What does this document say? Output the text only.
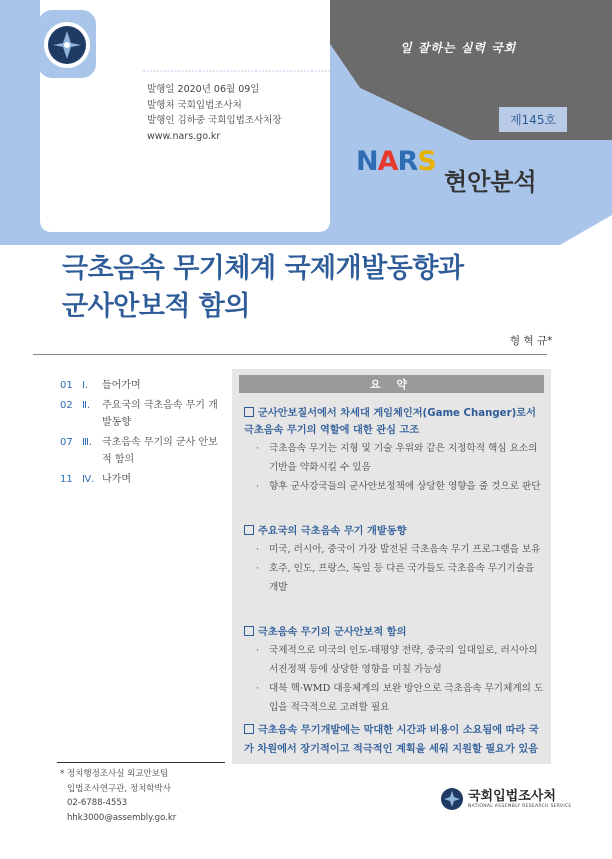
일 잘하는 실력 국회
발행일 2020년 06월 09일
발행처 국회입법조사처
발행인 김하중 국회입법조사처장
www.nars.go.kr
제145호
NARS
현안분석
극초음속 무기체계 국제개발동향과
군사안보적 함의
형 혁 규*
01 Ⅰ.	들어가며
02 Ⅱ.	주요국의 극초음속 무기 개발동향
07 Ⅲ. 극초음속 무기의 군사 안보적 함의
11 Ⅳ. 나가며
요 약
군사안보질서에서 차세대 게임체인저(Game Changer)로서 극초음속 무기의 역할에 대한 관심 고조
·	극초음속 무기는 지형 및 기술 우위와 같은 지정학적 핵심 요소의 기반을 약화시킬 수 있음
·	향후 군사강국들의 군사안보정책에 상당한 영향을 줄 것으로 판단
주요국의 극초음속 무기 개발동향
·	미국, 러시아, 중국이 가장 발전된 극초음속 무기 프로그램을 보유
·	호주, 인도, 프랑스, 독일 등 다른 국가들도 극초음속 무기기술을 개발
극초음속 무기의 군사안보적 함의
·	국제적으로 미국의 인도-태평양 전략, 중국의 일대일로, 러시아의 서진정책 등에 상당한 영향을 미칠 가능성
·	대북 핵·WMD 대응체계의 보완 방안으로 극초음속 무기체계의 도입을 적극적으로 고려할 필요
극초음속 무기개발에는 막대한 시간과 비용이 소요됨에 따라 국가 차원에서 장기적이고 적극적인 계획을 세워 지원할 필요가 있음
* 정치행정조사실 외교안보팀
입법조사연구관, 정치학박사
02-6788-4553
hhk3000@assembly.go.kr
국회입법조사처
NATIONAL ASSEMBLY RESEARCH SERVICE
